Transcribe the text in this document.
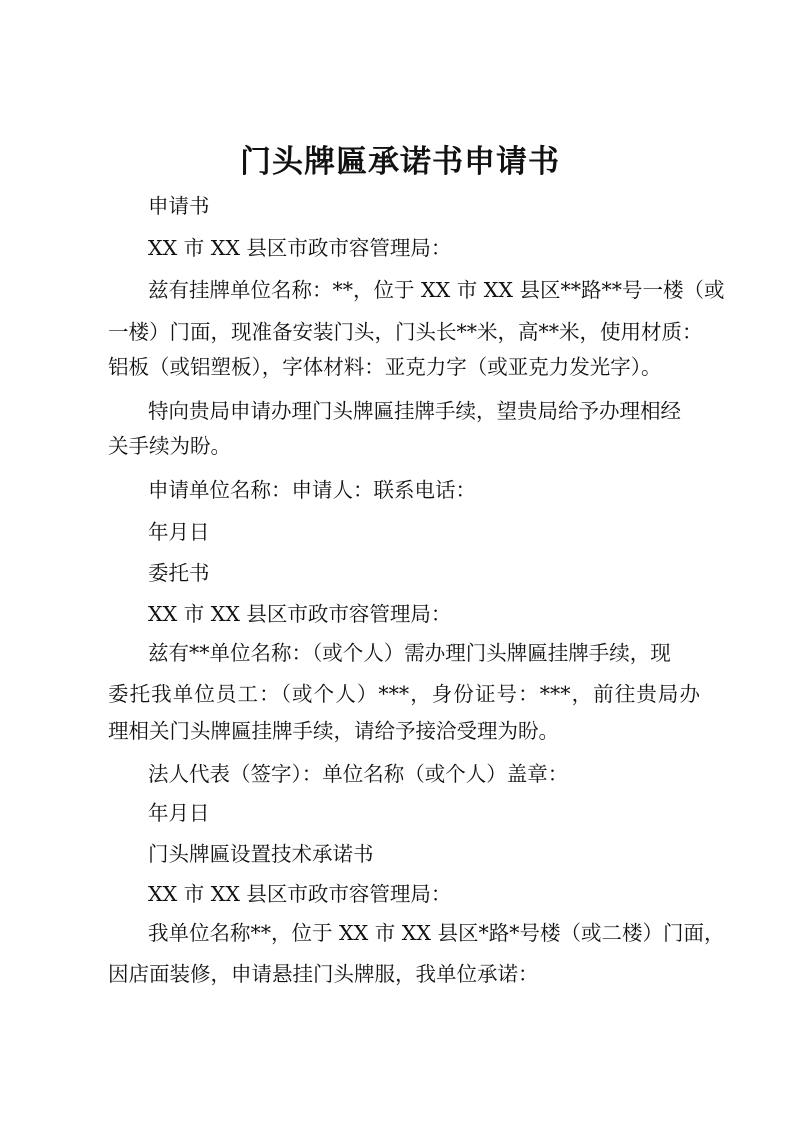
门头牌匾承诺书申请书
申请书
XX 市 XX 县区市政市容管理局：
兹有挂牌单位名称：**，位于 XX 市 XX 县区**路**号一楼（或
一楼）门面，现准备安装门头，门头长**米，高**米，使用材质：
铝板（或铝塑板），字体材料：亚克力字（或亚克力发光字）。
特向贵局申请办理门头牌匾挂牌手续，望贵局给予办理相经
关手续为盼。
申请单位名称：申请人：联系电话：
年月日
委托书
XX 市 XX 县区市政市容管理局：
兹有**单位名称：（或个人）需办理门头牌匾挂牌手续，现
委托我单位员工：（或个人）***，身份证号：***，前往贵局办
理相关门头牌匾挂牌手续，请给予接洽受理为盼。
法人代表（签字）：单位名称（或个人）盖章：
年月日
门头牌匾设置技术承诺书
XX 市 XX 县区市政市容管理局：
我单位名称**，位于 XX 市 XX 县区*路*号楼（或二楼）门面，
因店面装修，申请悬挂门头牌服，我单位承诺：
